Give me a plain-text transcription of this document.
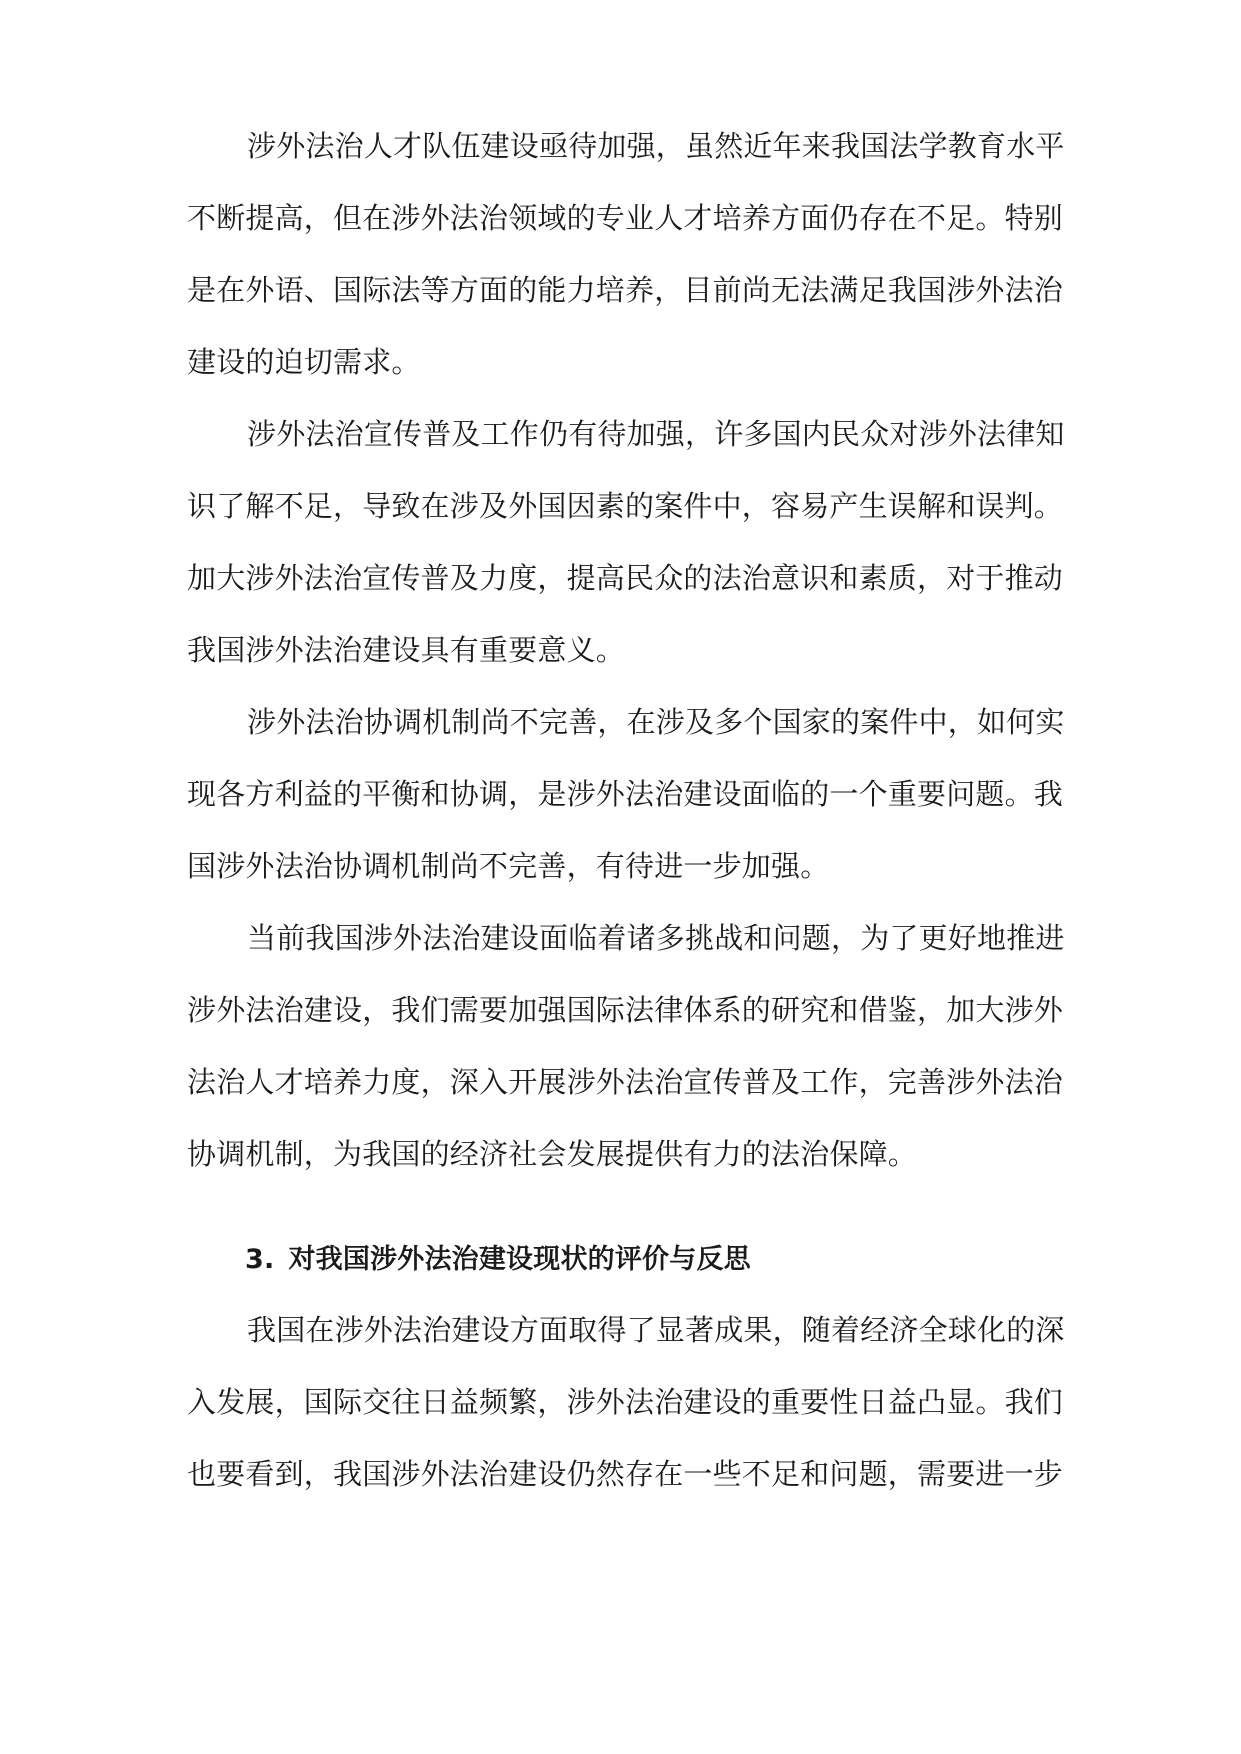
涉外法治人才队伍建设亟待加强，虽然近年来我国法学教育水平
不断提高，但在涉外法治领域的专业人才培养方面仍存在不足。特别
是在外语、国际法等方面的能力培养，目前尚无法满足我国涉外法治
建设的迫切需求。
涉外法治宣传普及工作仍有待加强，许多国内民众对涉外法律知
识了解不足，导致在涉及外国因素的案件中，容易产生误解和误判。
加大涉外法治宣传普及力度，提高民众的法治意识和素质，对于推动
我国涉外法治建设具有重要意义。
涉外法治协调机制尚不完善，在涉及多个国家的案件中，如何实
现各方利益的平衡和协调，是涉外法治建设面临的一个重要问题。我
国涉外法治协调机制尚不完善，有待进一步加强。
当前我国涉外法治建设面临着诸多挑战和问题，为了更好地推进
涉外法治建设，我们需要加强国际法律体系的研究和借鉴，加大涉外
法治人才培养力度，深入开展涉外法治宣传普及工作，完善涉外法治
协调机制，为我国的经济社会发展提供有力的法治保障。
3. 对我国涉外法治建设现状的评价与反思
我国在涉外法治建设方面取得了显著成果，随着经济全球化的深
入发展，国际交往日益频繁，涉外法治建设的重要性日益凸显。我们
也要看到，我国涉外法治建设仍然存在一些不足和问题，需要进一步
